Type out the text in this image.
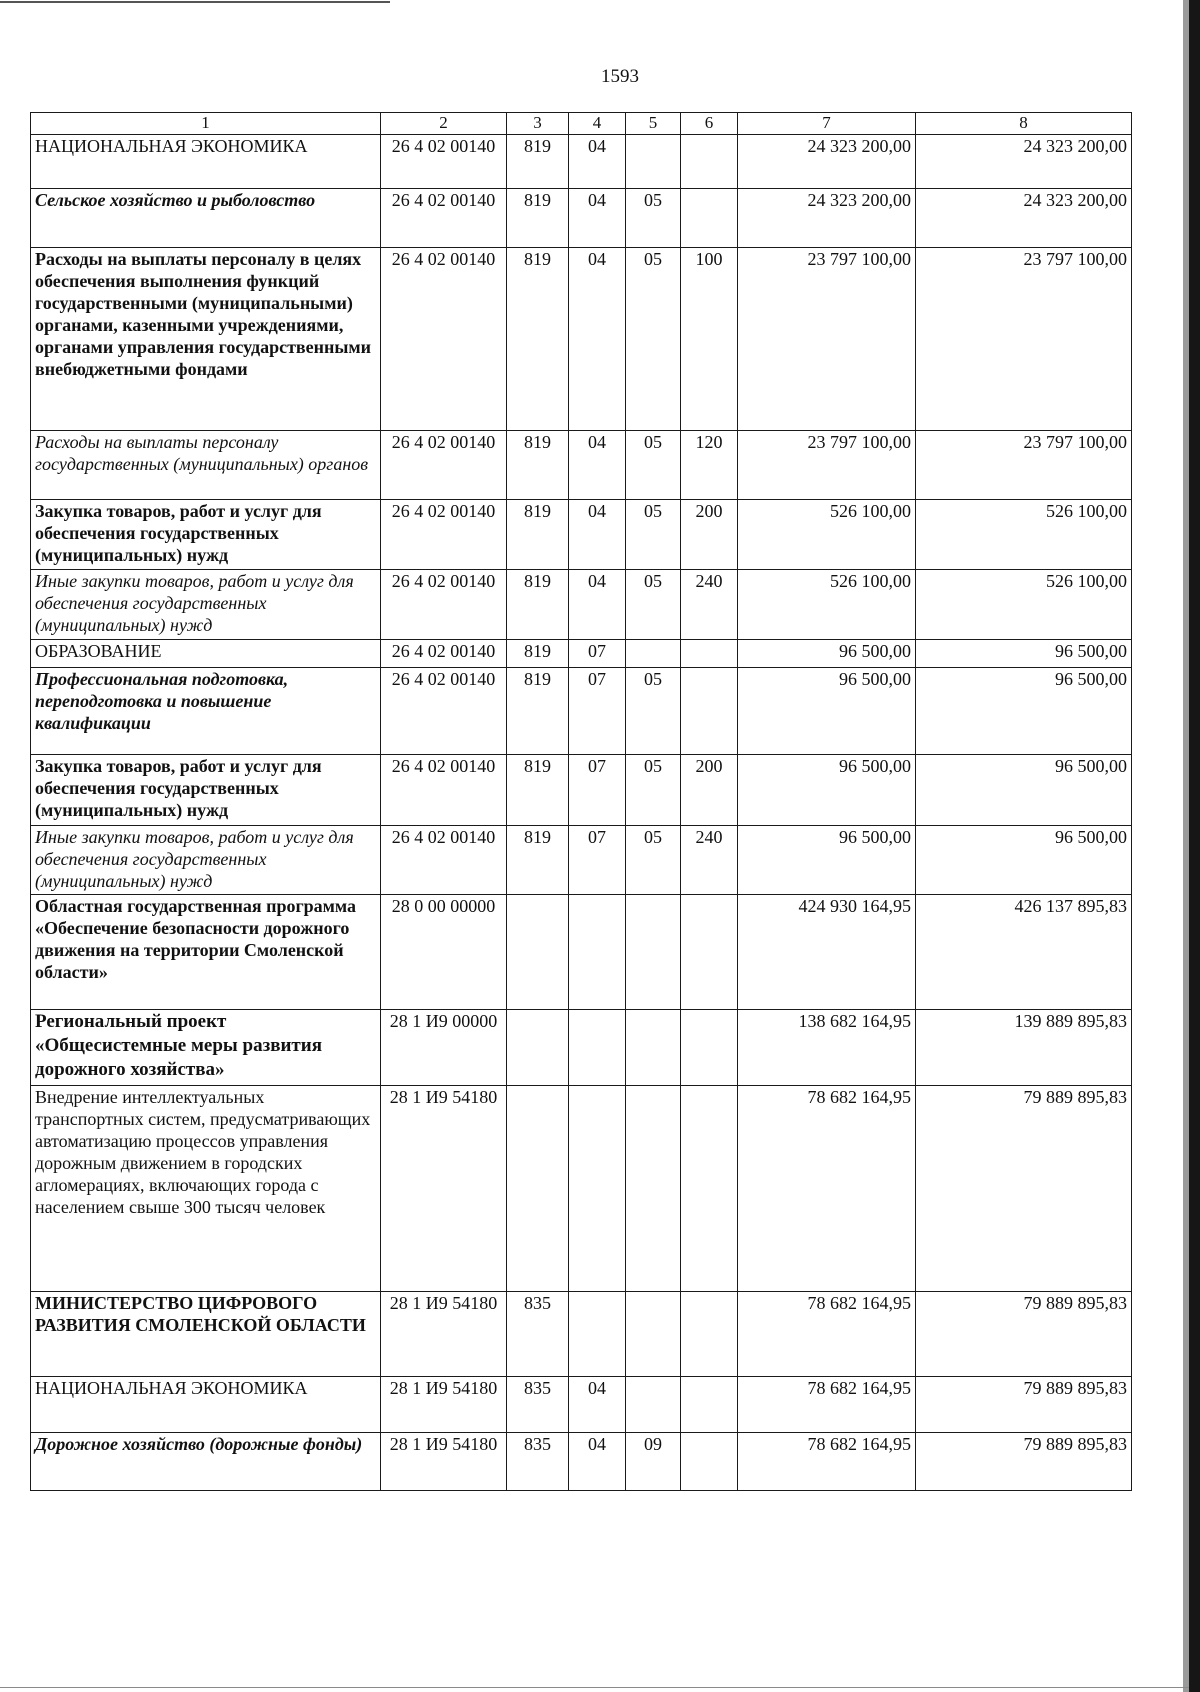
1593
1	2	3	4	5	6	7	8
НАЦИОНАЛЬНАЯ ЭКОНОМИКА	26 4 02 00140	819	04			24 323 200,00	24 323 200,00
Сельское хозяйство и рыболовство	26 4 02 00140	819	04	05		24 323 200,00	24 323 200,00
Расходы на выплаты персоналу в целях обеспечения выполнения функций государственными (муниципальными) органами, казенными учреждениями, органами управления государственными внебюджетными фондами	26 4 02 00140	819	04	05	100	23 797 100,00	23 797 100,00
Расходы на выплаты персоналу государственных (муниципальных) органов	26 4 02 00140	819	04	05	120	23 797 100,00	23 797 100,00
Закупка товаров, работ и услуг для обеспечения государственных (муниципальных) нужд	26 4 02 00140	819	04	05	200	526 100,00	526 100,00
Иные закупки товаров, работ и услуг для обеспечения государственных (муниципальных) нужд	26 4 02 00140	819	04	05	240	526 100,00	526 100,00
ОБРАЗОВАНИЕ	26 4 02 00140	819	07			96 500,00	96 500,00
Профессиональная подготовка, переподготовка и повышение квалификации	26 4 02 00140	819	07	05		96 500,00	96 500,00
Закупка товаров, работ и услуг для обеспечения государственных (муниципальных) нужд	26 4 02 00140	819	07	05	200	96 500,00	96 500,00
Иные закупки товаров, работ и услуг для обеспечения государственных (муниципальных) нужд	26 4 02 00140	819	07	05	240	96 500,00	96 500,00
Областная государственная программа «Обеспечение безопасности дорожного движения на территории Смоленской области»	28 0 00 00000					424 930 164,95	426 137 895,83
Региональный проект «Общесистемные меры развития дорожного хозяйства»	28 1 И9 00000					138 682 164,95	139 889 895,83
Внедрение интеллектуальных транспортных систем, предусматривающих автоматизацию процессов управления дорожным движением в городских агломерациях, включающих города с населением свыше 300 тысяч человек	28 1 И9 54180					78 682 164,95	79 889 895,83
МИНИСТЕРСТВО ЦИФРОВОГО РАЗВИТИЯ СМОЛЕНСКОЙ ОБЛАСТИ	28 1 И9 54180	835				78 682 164,95	79 889 895,83
НАЦИОНАЛЬНАЯ ЭКОНОМИКА	28 1 И9 54180	835	04			78 682 164,95	79 889 895,83
Дорожное хозяйство (дорожные фонды)	28 1 И9 54180	835	04	09		78 682 164,95	79 889 895,83
